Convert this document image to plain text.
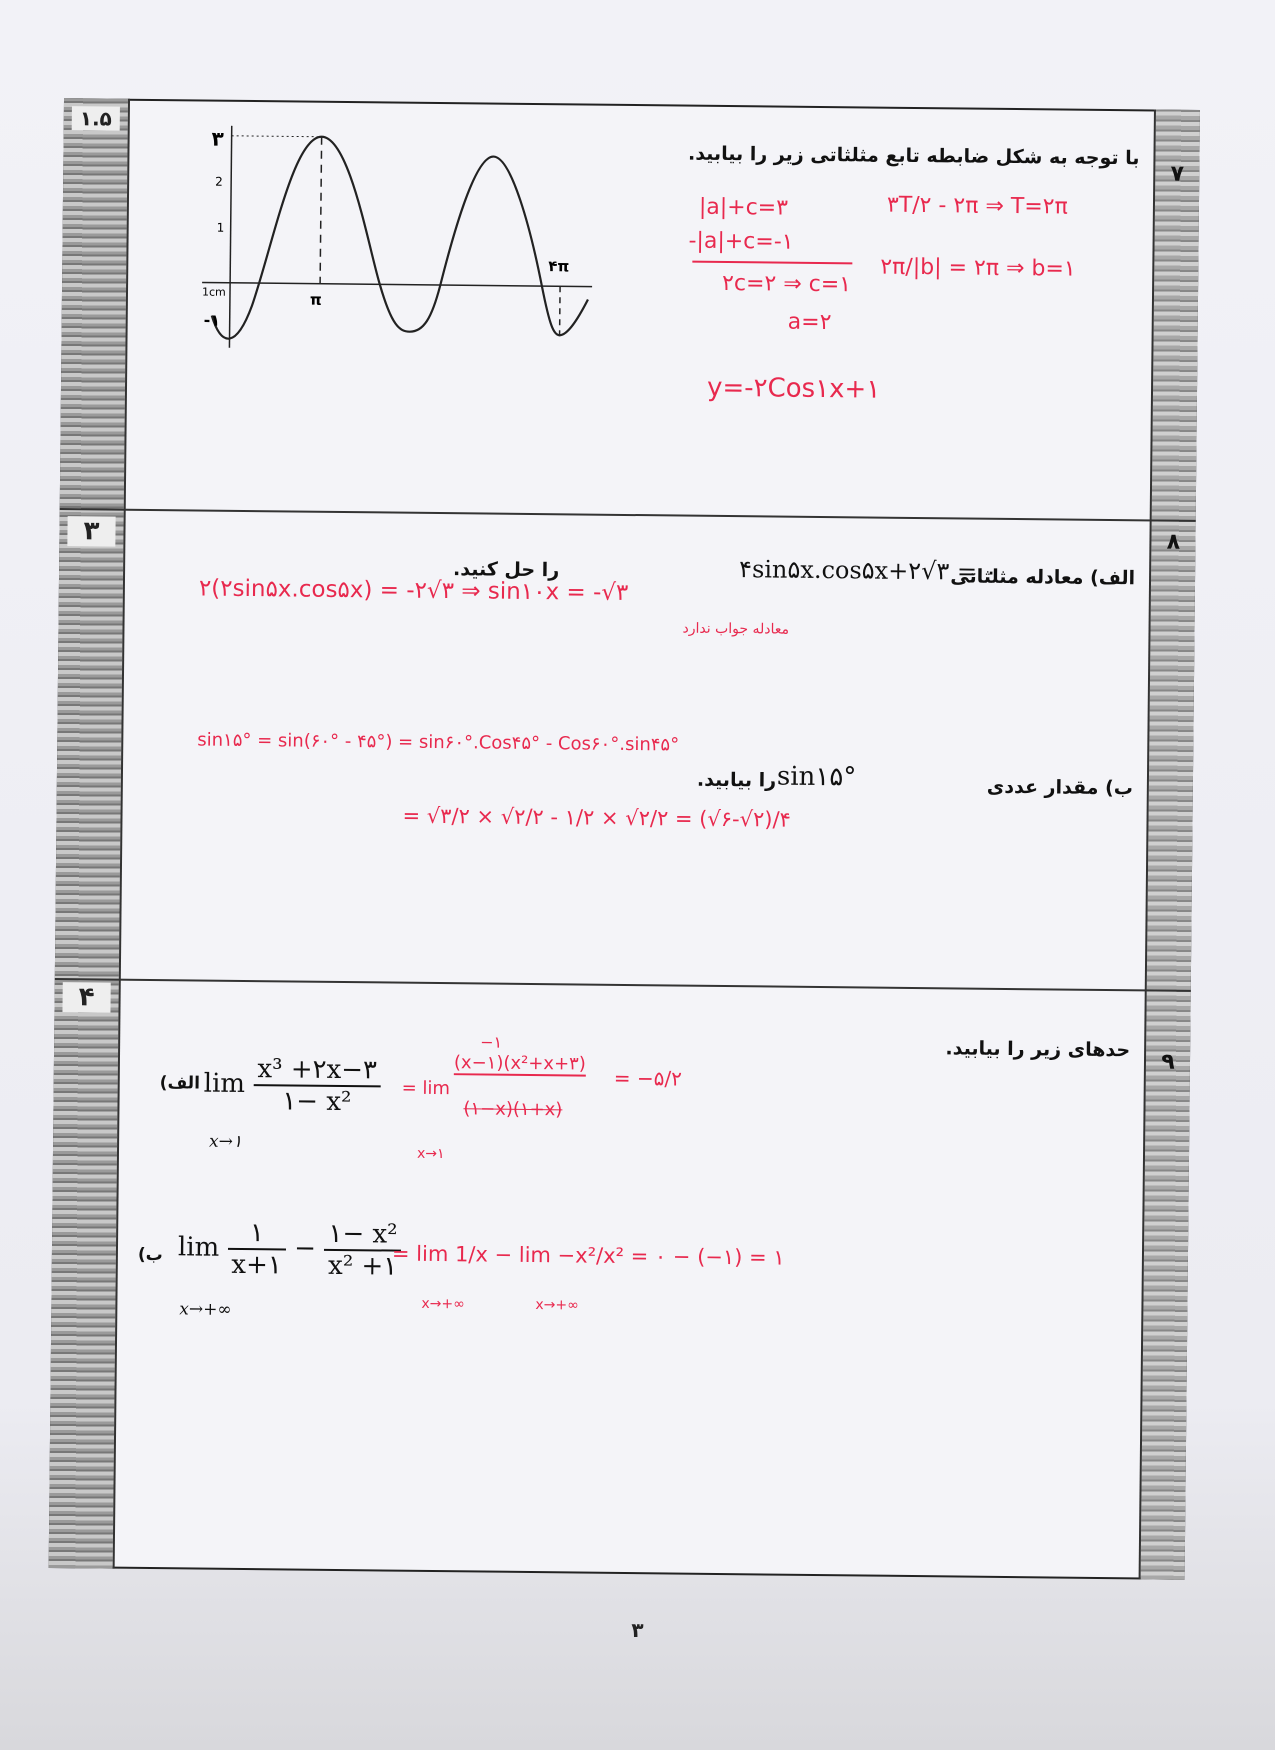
۱.۵
۷
با توجه به شکل ضابطه تابع مثلثاتی زیر را بیابید.
۳
2
1
-۱
1cm	π
۴π
|a|+c=۳
-|a|+c=-۱
۲c=۲ ⇒ c=۱
a=۲
۳T/۲ - ۲π ⇒ T=۲π
۲π/|b| = ۲π ⇒ b=۱
y=-۲Cos۱x+۱
۳	۸
الف) معادله مثلثاتی
۴sin۵x.cos۵x+۲√۳ = ۰
را حل کنید.
۲(۲sin۵x.cos۵x) = -۲√۳ ⇒ sin۱۰x = -√۳
معادله جواب ندارد
sin۱۵° = sin(۶۰° - ۴۵°) = sin۶۰°.Cos۴۵° - Cos۶۰°.sin۴۵°
ب) مقدار عددی
sin۱۵°
را بیابید.
= √۳/۲ × √۲/۲ - ۱/۲ × √۲/۲ = (√۶-√۲)/۴
۴
۹
حدهای زیر را بیابید.
الف) $\lim \frac{\text{x³ +۲x−۳}}{\text{۱− x²}}$
x→۱
−۱
= lim
(x−۱)(x²+x+۳)
(۱−x)(۱+x)
x→۱
= −۵/۲
ب) $\lim \frac{۱}{x+۱} - \frac{\text{۱− x²}}{\text{x² +۱}}$
x→+∞
= lim 1/x − lim −x²/x² = ۰ − (−۱) = ۱
x→+∞	x→+∞
۳
